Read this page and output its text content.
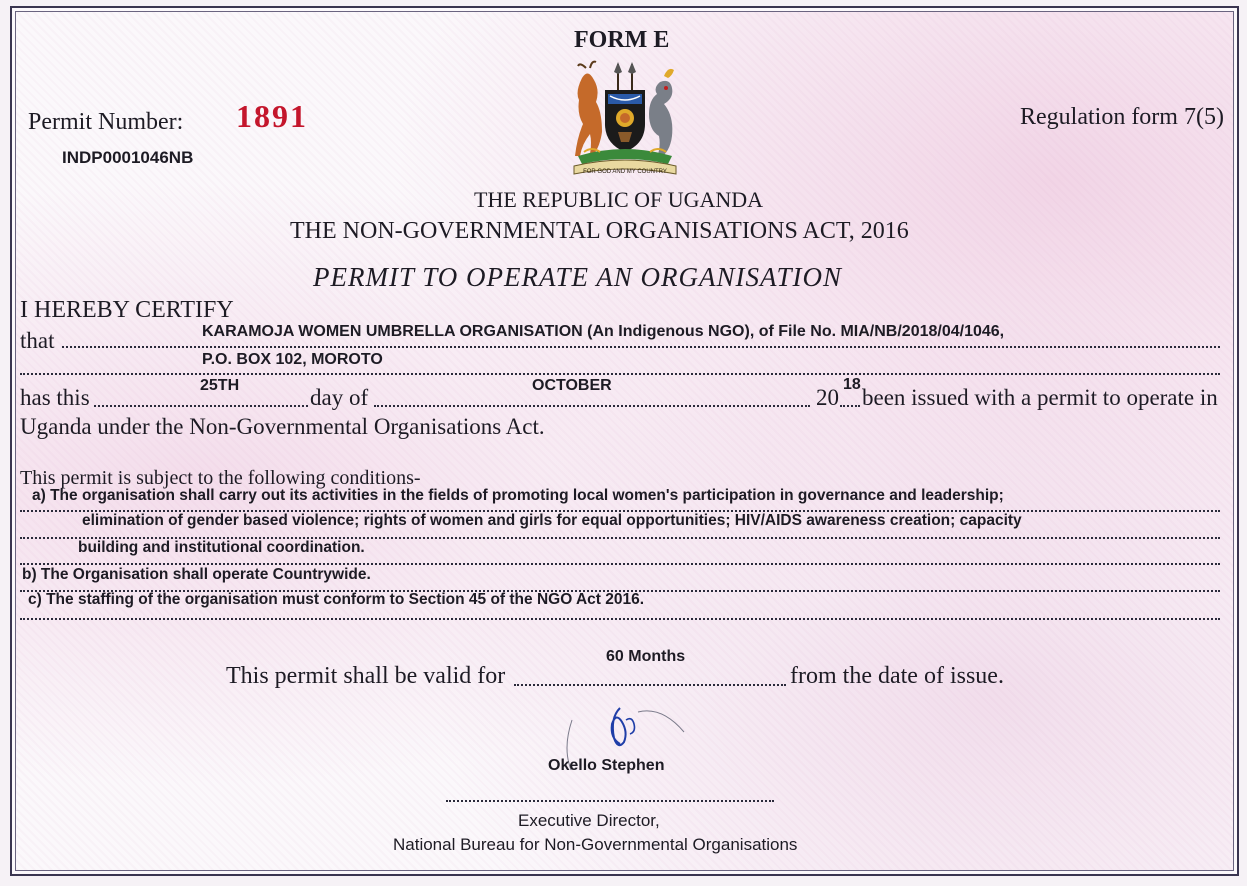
FORM E
Permit Number: 1891
INDP0001046NB
Regulation form 7(5)
FOR GOD AND MY COUNTRY
THE REPUBLIC OF UGANDA
THE NON-GOVERNMENTAL ORGANISATIONS ACT, 2016
PERMIT TO OPERATE AN ORGANISATION
I HEREBY CERTIFY
that	KARAMOJA WOMEN UMBRELLA ORGANISATION (An Indigenous NGO), of File No. MIA/NB/2018/04/1046,
P.O. BOX 102, MOROTO
has this	25TH	day of	OCTOBER	20
18
been issued with a permit to operate in
Uganda under the Non-Governmental Organisations Act.
This permit is subject to the following conditions-
a) The organisation shall carry out its activities in the fields of promoting local women's participation in governance and leadership;
elimination of gender based violence; rights of women and girls for equal opportunities; HIV/AIDS awareness creation; capacity
building and institutional coordination.
b) The Organisation shall operate Countrywide.
c) The staffing of the organisation must conform to Section 45 of the NGO Act 2016.
60 Months
This permit shall be valid for	from the date of issue.
Okello Stephen
Executive Director,
National Bureau for Non-Governmental Organisations
